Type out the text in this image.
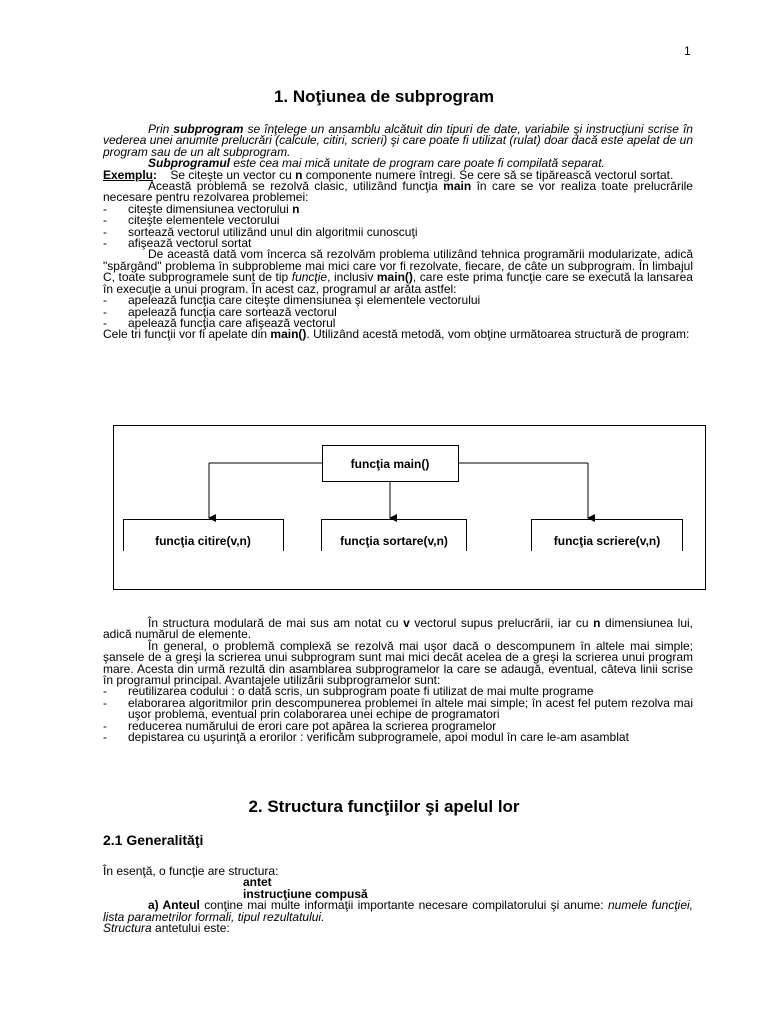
1
1. Noţiunea de subprogram

Prin subprogram se înţelege un ansamblu alcătuit din tipuri de date, variabile şi instrucţiuni scrise în vederea unei anumite prelucrări (calcule, citiri, scrieri) şi care poate fi utilizat (rulat) doar dacă este apelat de un program sau de un alt subprogram.

Subprogramul este cea mai mică unitate de program care poate fi compilată separat.

Exemplu: Se citeşte un vector cu n componente numere întregi. Se cere să se tipărească vectorul sortat.

Această problemă se rezolvă clasic, utilizând funcţia main în care se vor realiza toate prelucrările necesare pentru rezolvarea problemei:

- citeşte dimensiunea vectorului n

- citeşte elementele vectorului

- sortează vectorul utilizând unul din algoritmii cunoscuţi

- afişează vectorul sortat

De această dată vom încerca să rezolvăm problema utilizând tehnica programării modularizate, adică "spărgând" problema în subprobleme mai mici care vor fi rezolvate, fiecare, de câte un subprogram. În limbajul C, toate subprogramele sunt de tip funcţie, inclusiv main(), care este prima funcţie care se execută la lansarea în execuţie a unui program. În acest caz, programul ar arăta astfel:

- apelează funcţia care citeşte dimensiunea şi elementele vectorului

- apelează funcţia care sortează vectorul

- apelează funcţia care afişează vectorul

Cele tri funcţii vor fi apelate din main(). Utilizând acestă metodă, vom obţine următoarea structură de program:

funcţia main()
funcţia citire(v,n)	funcţia sortare(v,n)	funcţia scriere(v,n)

În structura modulară de mai sus am notat cu v vectorul supus prelucrării, iar cu n dimensiunea lui, adică numărul de elemente.

În general, o problemă complexă se rezolvă mai uşor dacă o descompunem în altele mai simple; şansele de a greşi la scrierea unui subprogram sunt mai mici decât acelea de a greşi la scrierea unui program mare. Acesta din urmă rezultă din asamblarea subprogramelor la care se adaugă, eventual, câteva linii scrise în programul principal. Avantajele utilizării subprogramelor sunt:

- reutilizarea codului : o dată scris, un subprogram poate fi utilizat de mai multe programe

- elaborarea algoritmilor prin descompunerea problemei în altele mai simple; în acest fel putem rezolva mai uşor problema, eventual prin colaborarea unei echipe de programatori

- reducerea numărului de erori care pot apărea la scrierea programelor

- depistarea cu uşurinţă a erorilor : verificăm subprogramele, apoi modul în care le-am asamblat

2. Structura funcţiilor şi apelul lor
2.1 Generalităţi

În esenţă, o funcţie are structura:

antet

instrucţiune compusă

a) Anteul conţine mai multe informaţii importante necesare compilatorului şi anume: numele funcţiei, lista parametrilor formali, tipul rezultatului.

Structura antetului este:
